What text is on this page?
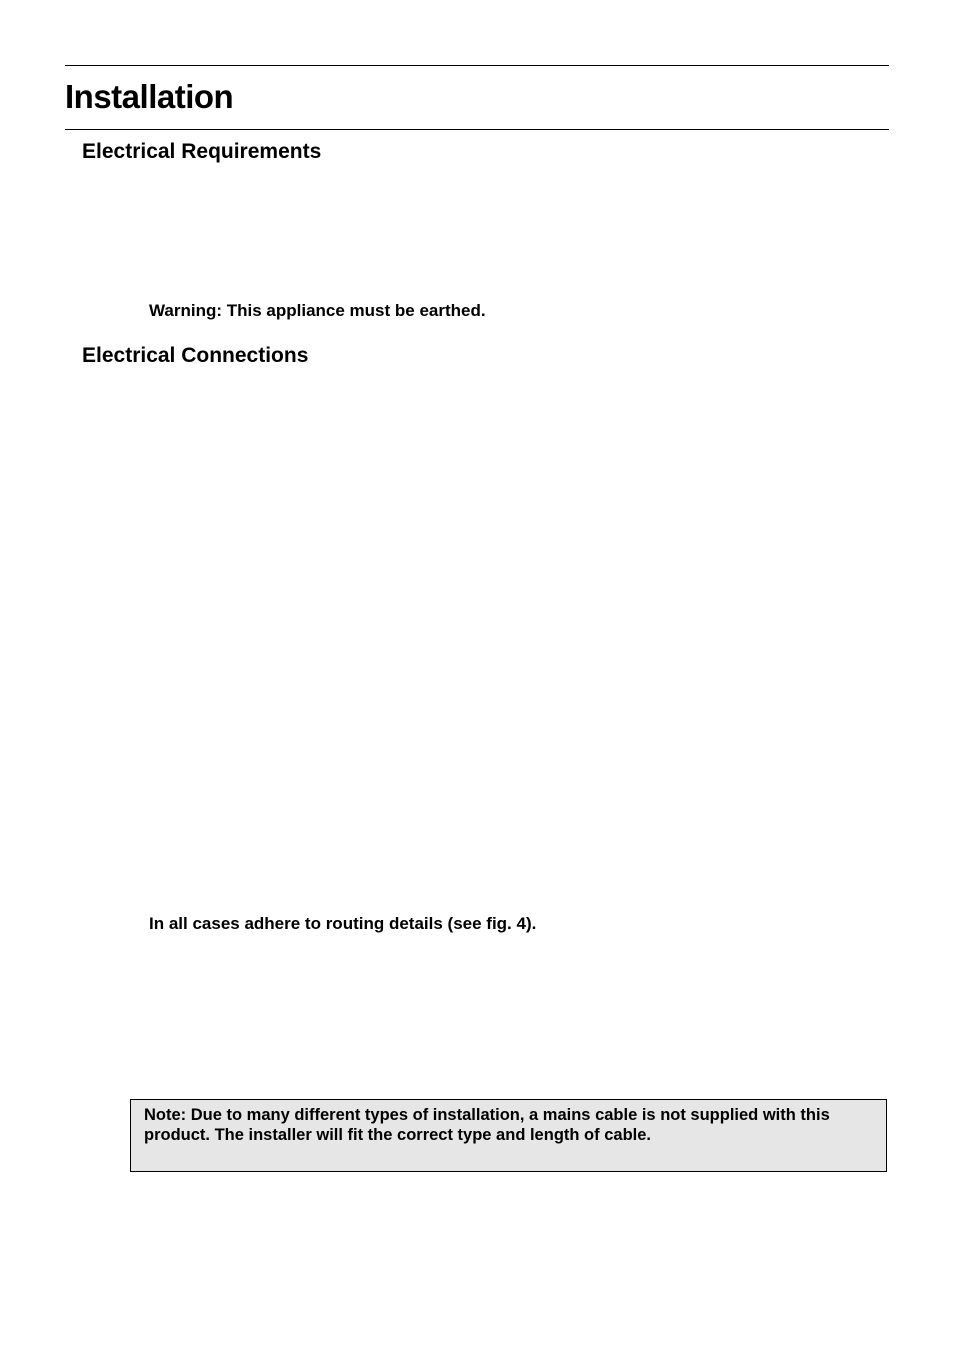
Installation
Electrical Requirements

Warning: This appliance must be earthed.

Electrical Connections

In all cases adhere to routing details (see fig. 4).

Note: Due to many different types of installation, a mains cable is not supplied with this product. The installer will fit the correct type and length of cable.
